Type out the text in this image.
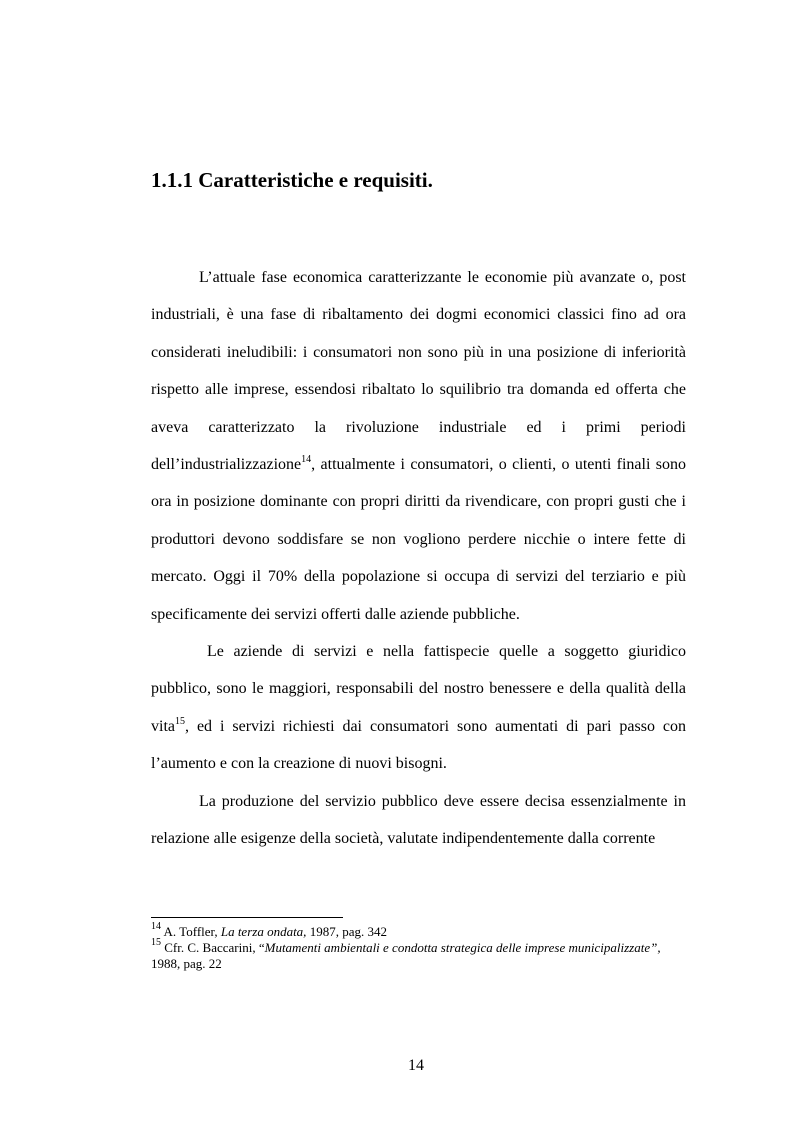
1.1.1 Caratteristiche e requisiti.

L’attuale fase economica caratterizzante le economie più avanzate o, post industriali, è una fase di ribaltamento dei dogmi economici classici fino ad ora considerati ineludibili: i consumatori non sono più in una posizione di inferiorità rispetto alle imprese, essendosi ribaltato lo squilibrio tra domanda ed offerta che aveva caratterizzato la rivoluzione industriale ed i primi periodi dell’industrializzazione$^{14}$, attualmente i consumatori, o clienti, o utenti finali sono ora in posizione dominante con propri diritti da rivendicare, con propri gusti che i produttori devono soddisfare se non vogliono perdere nicchie o intere fette di mercato. Oggi il 70% della popolazione si occupa di servizi del terziario e più specificamente dei servizi offerti dalle aziende pubbliche.

Le aziende di servizi e nella fattispecie quelle a soggetto giuridico pubblico, sono le maggiori, responsabili del nostro benessere e della qualità della vita$^{15}$, ed i servizi richiesti dai consumatori sono aumentati di pari passo con l’aumento e con la creazione di nuovi bisogni.

La produzione del servizio pubblico deve essere decisa essenzialmente in relazione alle esigenze della società, valutate indipendentemente dalla corrente

$^{14}$ A. Toffler, La terza ondata, 1987, pag. 342
$^{15}$ Cfr. C. Baccarini, “Mutamenti ambientali e condotta strategica delle imprese municipalizzate”, 1988, pag. 22
14
